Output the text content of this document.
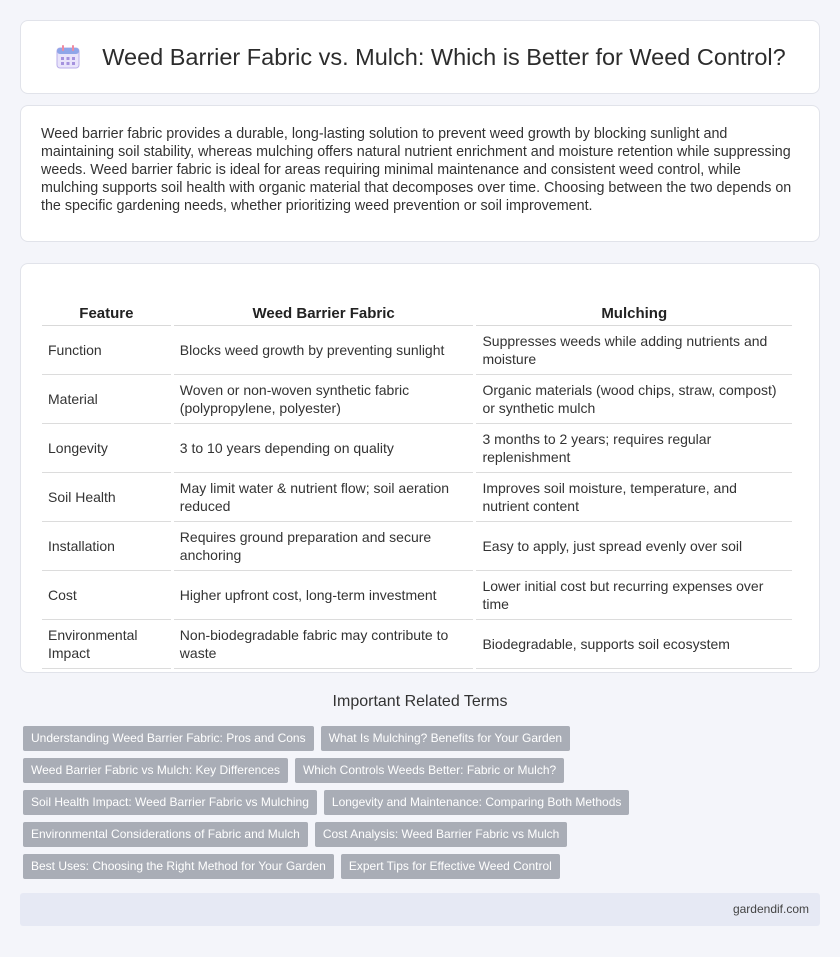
Weed Barrier Fabric vs. Mulch: Which is Better for Weed Control?

Weed barrier fabric provides a durable, long-lasting solution to prevent weed growth by blocking sunlight and maintaining soil stability, whereas mulching offers natural nutrient enrichment and moisture retention while suppressing weeds. Weed barrier fabric is ideal for areas requiring minimal maintenance and consistent weed control, while mulching supports soil health with organic material that decomposes over time. Choosing between the two depends on the specific gardening needs, whether prioritizing weed prevention or soil improvement.

Feature	Weed Barrier Fabric	Mulching
Function	Blocks weed growth by preventing sunlight	Suppresses weeds while adding nutrients and moisture
Material	Woven or non-woven synthetic fabric (polypropylene, polyester)	Organic materials (wood chips, straw, compost) or synthetic mulch
Longevity	3 to 10 years depending on quality	3 months to 2 years; requires regular replenishment
Soil Health	May limit water & nutrient flow; soil aeration reduced	Improves soil moisture, temperature, and nutrient content
Installation	Requires ground preparation and secure anchoring	Easy to apply, just spread evenly over soil
Cost	Higher upfront cost, long-term investment	Lower initial cost but recurring expenses over time
Environmental Impact	Non-biodegradable fabric may contribute to waste	Biodegradable, supports soil ecosystem
Important Related Terms
Understanding Weed Barrier Fabric: Pros and Cons	What Is Mulching? Benefits for Your Garden
Weed Barrier Fabric vs Mulch: Key Differences	Which Controls Weeds Better: Fabric or Mulch?
Soil Health Impact: Weed Barrier Fabric vs Mulching	Longevity and Maintenance: Comparing Both Methods
Environmental Considerations of Fabric and Mulch	Cost Analysis: Weed Barrier Fabric vs Mulch
Best Uses: Choosing the Right Method for Your Garden	Expert Tips for Effective Weed Control
gardendif.com
